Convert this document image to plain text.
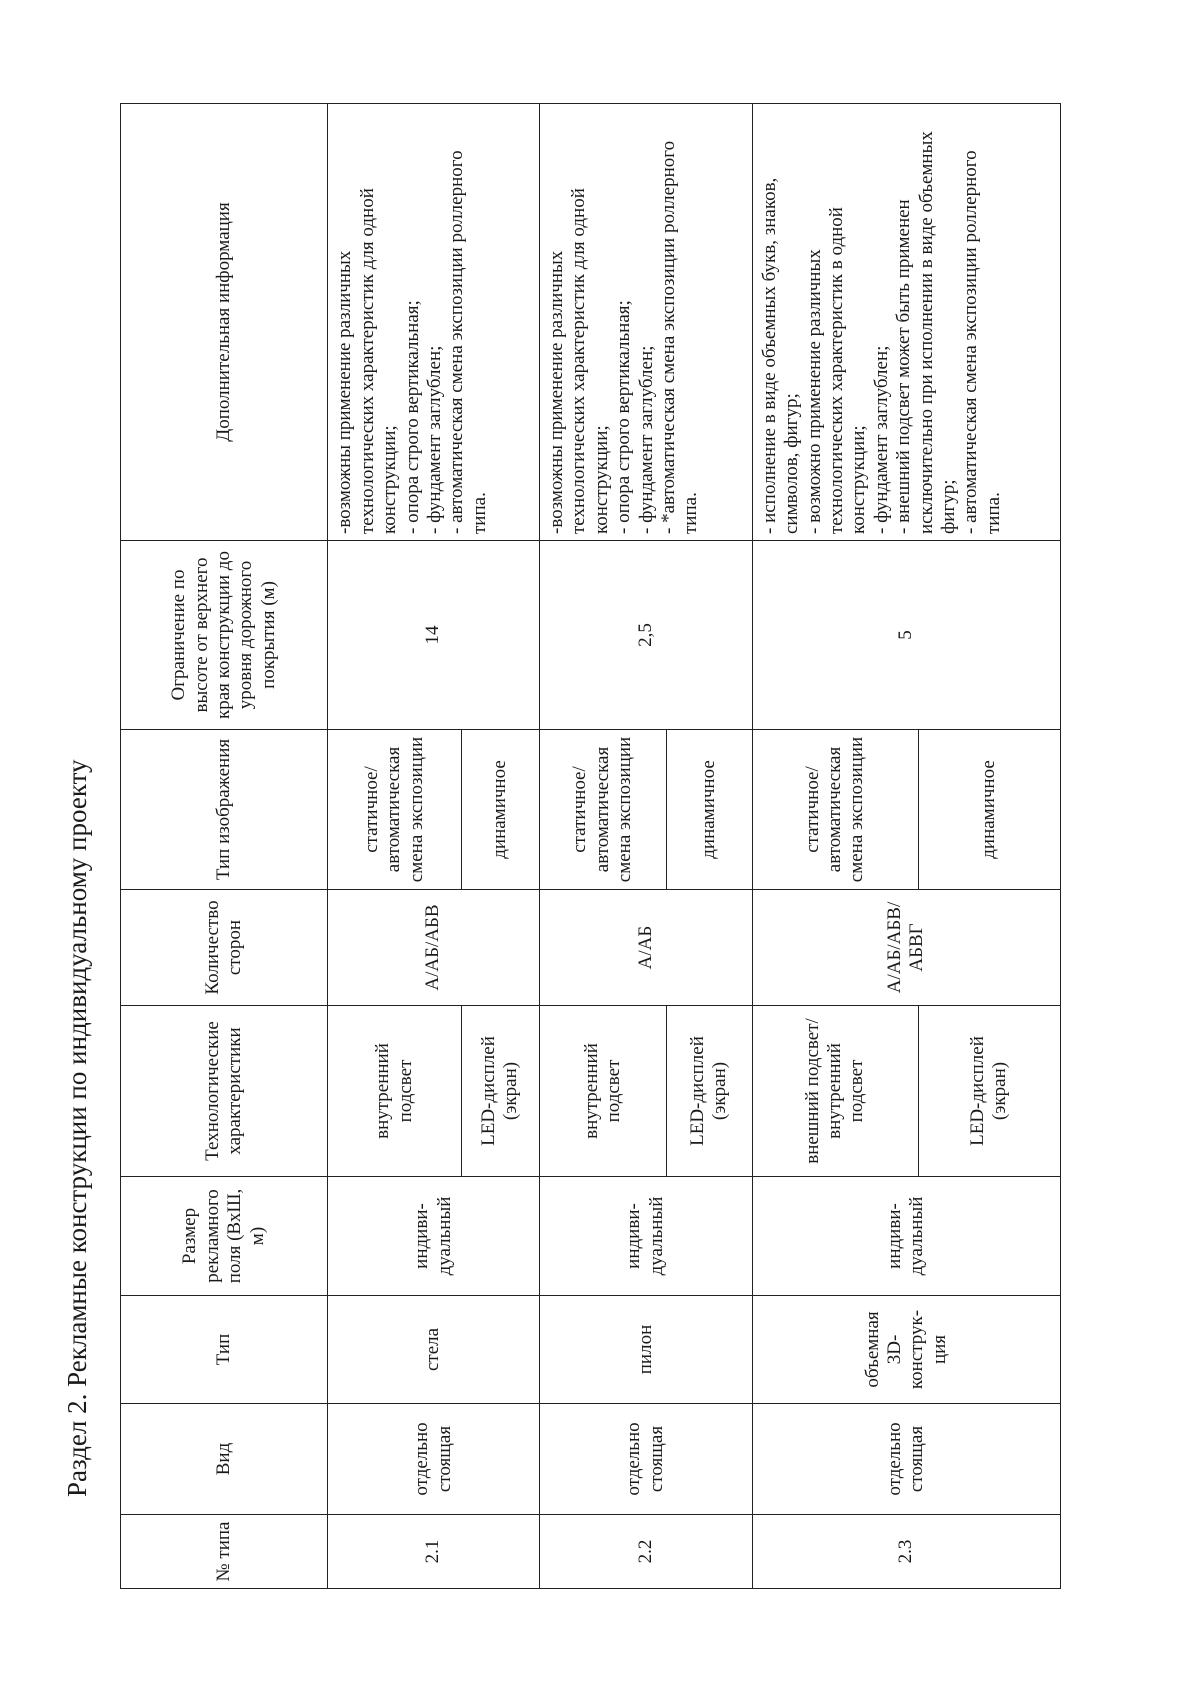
Раздел 2. Рекламные конструкции по индивидуальному проекту
№ типа	Вид	Тип	Размер рекламного поля (ВхШ, м)	Технологические характеристики	Количество сторон	Тип изображения	Ограничение по высоте от верхнего края конструкции до уровня дорожного покрытия (м)	Дополнительная информация
2.1	отдельно стоящая	стела	индиви-дуальный	внутренний подсвет	А/АБ/АБВ	статичное/ автоматическая смена экспозиции	14	-возможны применение различных технологических характеристик для одной конструкции; - опора строго вертикальная; - фундамент заглублен; - автоматическая смена экспозиции роллерного типа.

				LED-дисплей (экран)		динамичное		
2.2	отдельно стоящая	пилон	индиви-дуальный	внутренний подсвет	А/АБ	статичное/ автоматическая смена экспозиции	2,5	-возможны применение различных технологических характеристик для одной конструкции; - опора строго вертикальная; - фундамент заглублен; - *автоматическая смена экспозиции роллерного типа.

				LED-дисплей (экран)		динамичное		
2.3	отдельно стоящая	объемная 3D-конструк-ция	индиви-дуальный	внешний подсвет/ внутренний подсвет	А/АБ/АБВ/ АБВГ	статичное/ автоматическая смена экспозиции	5	- исполнение в виде объемных букв, знаков, символов, фигур; - возможно применение различных технологических характеристик в одной конструкции; - фундамент заглублен; - внешний подсвет может быть применен исключительно при исполнении в виде объемных фигур; - автоматическая смена экспозиции роллерного типа.

				LED-дисплей (экран)		динамичное		
